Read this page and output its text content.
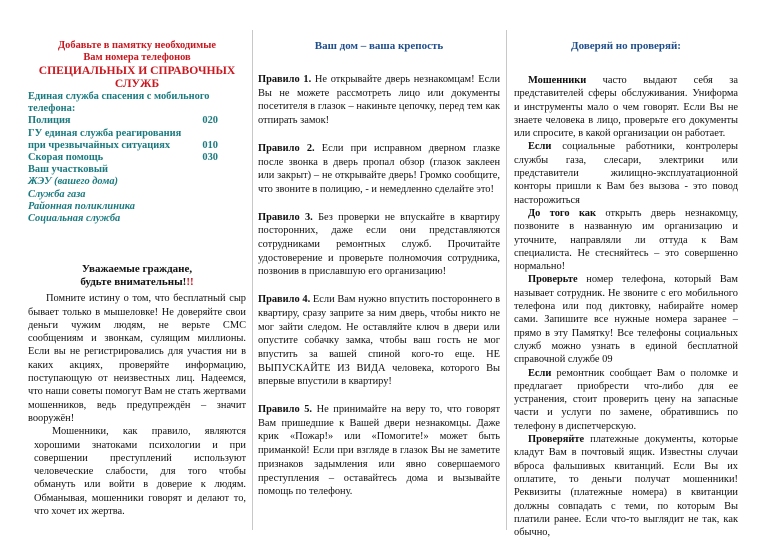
Добавьте в памятку необходимые
Вам номера телефонов
СПЕЦИАЛЬНЫХ И СПРАВОЧНЫХ СЛУЖБ
Единая служба спасения с мобильного телефона:
Полиция	020
ГУ единая служба реагирования
при чрезвычайных ситуациях	010
Скорая помощь	030
Ваш участковый
ЖЭУ (вашего дома)
Служба газа
Районная поликлиника
Социальная служба
Уважаемые граждане,
будьте внимательны!!!

Помните истину о том, что бесплатный сыр бывает только в мышеловке! Не доверяйте свои деньги чужим людям, не верьте СМС сообщениям и звонкам, сулящим миллионы. Если вы не регистрировались для участия ни в каких акциях, проверяйте информацию, поступающую от неизвестных лиц. Надеемся, что наши советы помогут Вам не стать жертвами мошенников, ведь предупреждён – значит вооружён!

Мошенники, как правило, являются хорошими знатоками психологии и при совершении преступлений используют человеческие слабости, для того чтобы обмануть или войти в доверие к людям. Обманывая, мошенники говорят и делают то, что хочет их жертва.

Ваш дом – ваша крепость

Правило 1. Не открывайте дверь незнакомцам! Если Вы не можете рассмотреть лицо или документы посетителя в глазок – накиньте цепочку, перед тем как отпирать замок!

Правило 2. Если при исправном дверном глазке после звонка в дверь пропал обзор (глазок заклеен или закрыт) – не открывайте дверь! Громко сообщите, что звоните в полицию, - и немедленно сделайте это!

Правило 3. Без проверки не впускайте в квартиру посторонних, даже если они представляются сотрудниками ремонтных служб. Прочитайте удостоверение и проверьте полномочия сотрудника, позвонив в приславшую его организацию!

Правило 4. Если Вам нужно впустить постороннего в квартиру, сразу заприте за ним дверь, чтобы никто не мог зайти следом. Не оставляйте ключ в двери или опустите собачку замка, чтобы ваш гость не мог впустить за вашей спиной кого-то еще. НЕ ВЫПУСКАЙТЕ ИЗ ВИДА человека, которого Вы впервые впустили в квартиру!

Правило 5. Не принимайте на веру то, что говорят Вам пришедшие к Вашей двери незнакомцы. Даже крик «Пожар!» или «Помогите!» может быть приманкой! Если при взгляде в глазок Вы не заметите признаков задымления или явно совершаемого преступления – оставайтесь дома и вызывайте помощь по телефону.

Доверяй но проверяй:

Мошенники часто выдают себя за представителей сферы обслуживания. Униформа и инструменты мало о чем говорят. Если Вы не знаете человека в лицо, проверьте его документы или спросите, в какой организации он работает.

Если социальные работники, контролеры службы газа, слесари, электрики или представители жилищно-эксплуатационной конторы пришли к Вам без вызова - это повод насторожиться

До того как открыть дверь незнакомцу, позвоните в названную им организацию и уточните, направляли ли оттуда к Вам специалиста. Не стесняйтесь – это совершенно нормально!

Проверьте номер телефона, который Вам называет сотрудник. Не звоните с его мобильного телефона или под диктовку, набирайте номер сами. Запишите все нужные номера заранее – прямо в эту Памятку! Все телефоны социальных служб можно узнать в единой бесплатной справочной службе 09

Если ремонтник сообщает Вам о поломке и предлагает приобрести что-либо для ее устранения, стоит проверить цену на запасные части и услуги по замене, обратившись по телефону в диспетчерскую.

Проверяйте платежные документы, которые кладут Вам в почтовый ящик. Известны случаи вброса фальшивых квитанций. Если Вы их оплатите, то деньги получат мошенники! Реквизиты (платежные номера) в квитанции должны совпадать с теми, по которым Вы платили ранее. Если что-то выглядит не так, как обычно,
